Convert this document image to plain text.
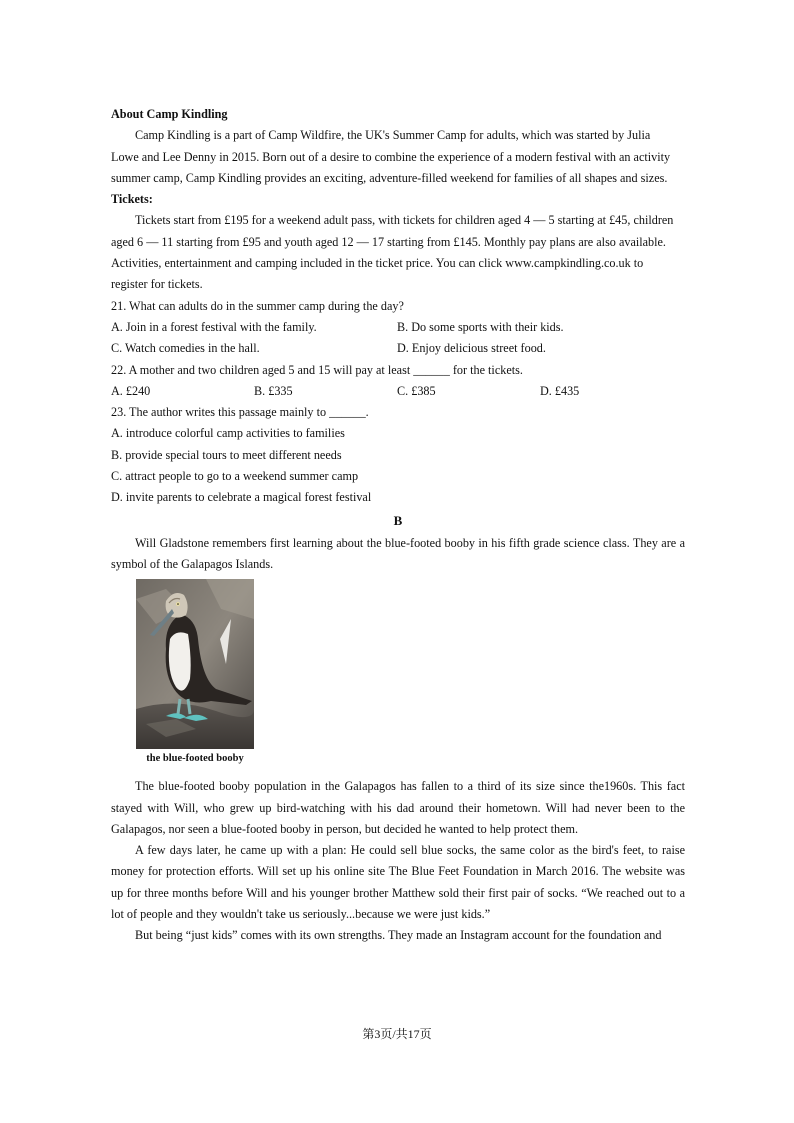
About Camp Kindling

Camp Kindling is a part of Camp Wildfire, the UK's Summer Camp for adults, which was started by Julia

Lowe and Lee Denny in 2015. Born out of a desire to combine the experience of a modern festival with an activity

summer camp, Camp Kindling provides an exciting, adventure-filled weekend for families of all shapes and sizes.

Tickets:

Tickets start from £195 for a weekend adult pass, with tickets for children aged 4 — 5 starting at £45, children

aged 6 — 11 starting from £95 and youth aged 12 — 17 starting from £145. Monthly pay plans are also available.

Activities, entertainment and camping included in the ticket price. You can click www.campkindling.co.uk to

register for tickets.

21. What can adults do in the summer camp during the day?

A. Join in a forest festival with the family.	B. Do some sports with their kids.
C. Watch comedies in the hall.	D. Enjoy delicious street food.

22. A mother and two children aged 5 and 15 will pay at least ______ for the tickets.

A. £240	B. £335	C. £385	D. £435

23. The author writes this passage mainly to ______.

A. introduce colorful camp activities to families

B. provide special tours to meet different needs

C. attract people to go to a weekend summer camp

D. invite parents to celebrate a magical forest festival

B

Will Gladstone remembers first learning about the blue-footed booby in his fifth grade science class. They are a symbol of the Galapagos Islands.

the blue-footed booby

The blue-footed booby population in the Galapagos has fallen to a third of its size since the1960s. This fact stayed with Will, who grew up bird-watching with his dad around their hometown. Will had never been to the Galapagos, nor seen a blue-footed booby in person, but decided he wanted to help protect them.

A few days later, he came up with a plan: He could sell blue socks, the same color as the bird's feet, to raise money for protection efforts. Will set up his online site The Blue Feet Foundation in March 2016. The website was up for three months before Will and his younger brother Matthew sold their first pair of socks. “We reached out to a lot of people and they wouldn't take us seriously...because we were just kids.”

But being “just kids” comes with its own strengths. They made an Instagram account for the foundation and

第3页/共17页
